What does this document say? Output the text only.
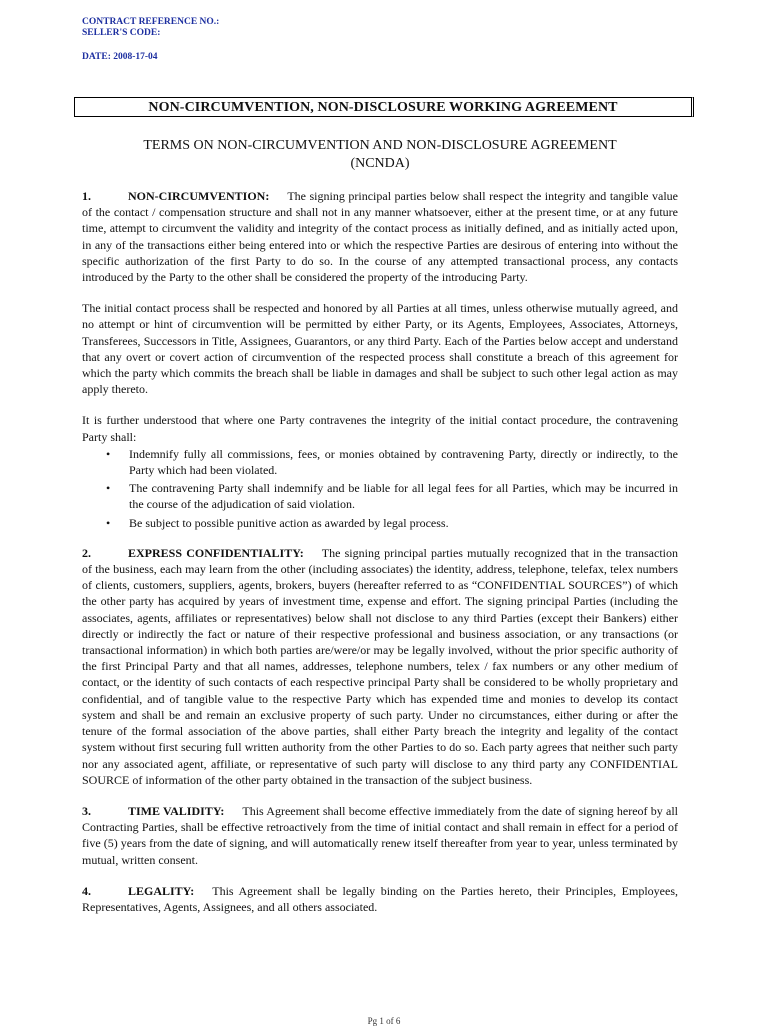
CONTRACT REFERENCE NO.:
SELLER'S CODE:
DATE: 2008-17-04
NON-CIRCUMVENTION, NON-DISCLOSURE WORKING AGREEMENT
TERMS ON NON-CIRCUMVENTION AND NON-DISCLOSURE AGREEMENT
(NCNDA)

1.	NON-CIRCUMVENTION: The signing principal parties below shall respect the integrity and tangible value of the contact / compensation structure and shall not in any manner whatsoever, either at the present time, or at any future time, attempt to circumvent the validity and integrity of the contact process as initially defined, and as initially acted upon, in any of the transactions either being entered into or which the respective Parties are desirous of entering into without the specific authorization of the first Party to do so. In the course of any attempted transactional process, any contacts introduced by the Party to the other shall be considered the property of the introducing Party.

The initial contact process shall be respected and honored by all Parties at all times, unless otherwise mutually agreed, and no attempt or hint of circumvention will be permitted by either Party, or its Agents, Employees, Associates, Attorneys, Transferees, Successors in Title, Assignees, Guarantors, or any third Party. Each of the Parties below accept and understand that any overt or covert action of circumvention of the respected process shall constitute a breach of this agreement for which the party which commits the breach shall be liable in damages and shall be subject to such other legal action as may apply thereto.

It is further understood that where one Party contravenes the integrity of the initial contact procedure, the contravening Party shall:

• Indemnify fully all commissions, fees, or monies obtained by contravening Party, directly or indirectly, to the Party which had been violated.
• The contravening Party shall indemnify and be liable for all legal fees for all Parties, which may be incurred in the course of the adjudication of said violation.
• Be subject to possible punitive action as awarded by legal process.

2.	EXPRESS CONFIDENTIALITY: The signing principal parties mutually recognized that in the transaction of the business, each may learn from the other (including associates) the identity, address, telephone, telefax, telex numbers of clients, customers, suppliers, agents, brokers, buyers (hereafter referred to as “CONFIDENTIAL SOURCES”) of which the other party has acquired by years of investment time, expense and effort. The signing principal Parties (including the associates, agents, affiliates or representatives) below shall not disclose to any third Parties (except their Bankers) either directly or indirectly the fact or nature of their respective professional and business association, or any transactions (or transactional information) in which both parties are/were/or may be legally involved, without the prior specific authority of the first Principal Party and that all names, addresses, telephone numbers, telex / fax numbers or any other medium of contact, or the identity of such contacts of each respective principal Party shall be considered to be wholly proprietary and confidential, and of tangible value to the respective Party which has expended time and monies to develop its contact system and shall be and remain an exclusive property of such party. Under no circumstances, either during or after the tenure of the formal association of the above parties, shall either Party breach the integrity and legality of the contact system without first securing full written authority from the other Parties to do so. Each party agrees that neither such party nor any associated agent, affiliate, or representative of such party will disclose to any third party any CONFIDENTIAL SOURCE of information of the other party obtained in the transaction of the subject business.

3.	TIME VALIDITY: This Agreement shall become effective immediately from the date of signing hereof by all Contracting Parties, shall be effective retroactively from the time of initial contact and shall remain in effect for a period of five (5) years from the date of signing, and will automatically renew itself thereafter from year to year, unless terminated by mutual, written consent.

4.	LEGALITY: This Agreement shall be legally binding on the Parties hereto, their Principles, Employees, Representatives, Agents, Assignees, and all others associated.

Pg 1 of 6
